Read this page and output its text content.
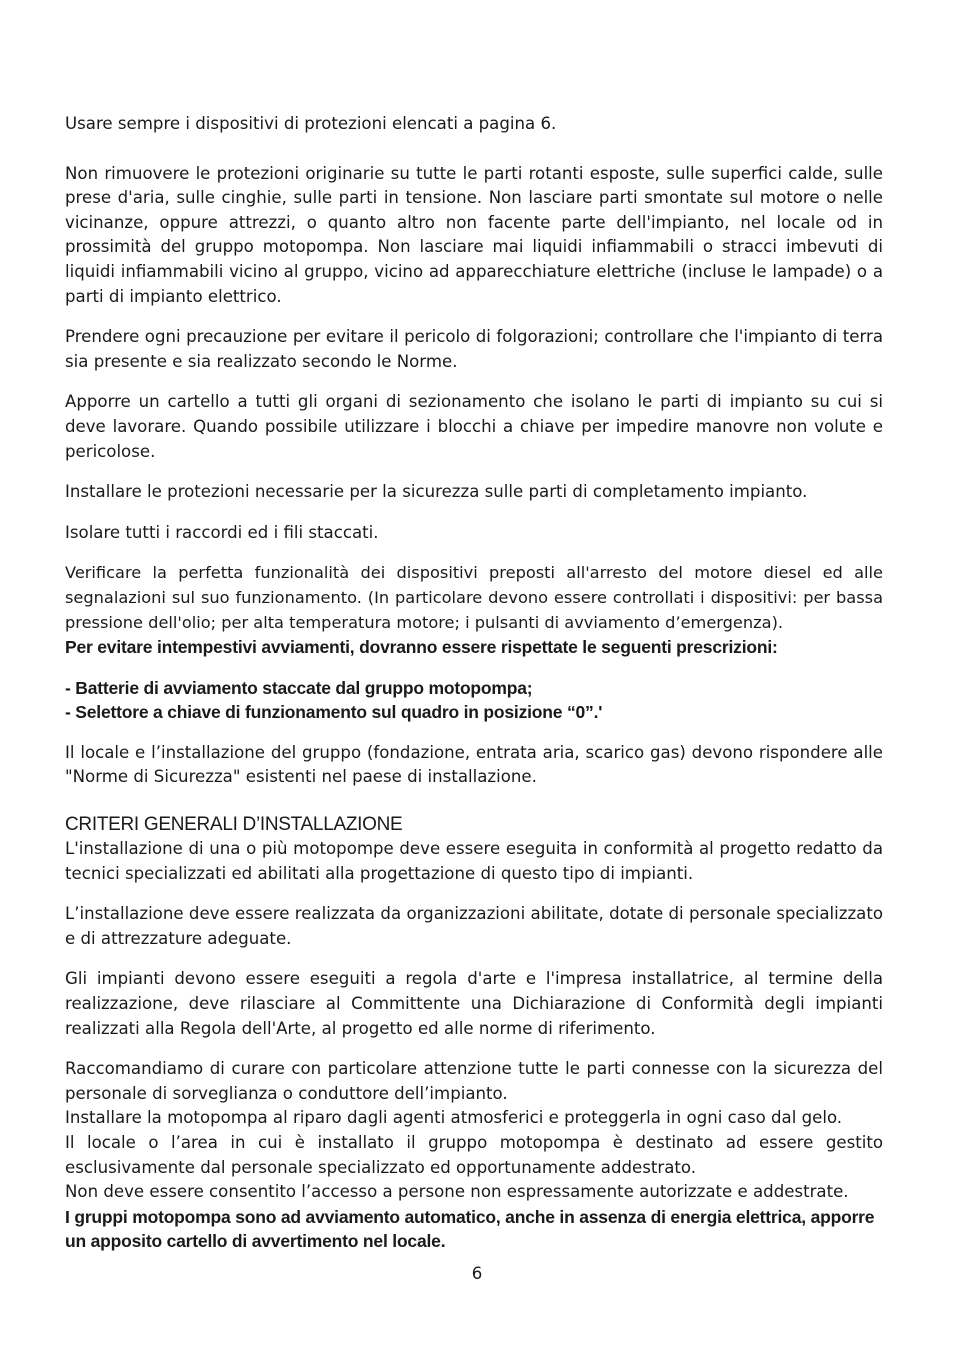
Usare sempre i dispositivi di protezioni elencati a pagina 6.

Non rimuovere le protezioni originarie su tutte le parti rotanti esposte, sulle superfici calde, sulle prese d'aria, sulle cinghie, sulle parti in tensione. Non lasciare parti smontate sul motore o nelle vicinanze, oppure attrezzi, o quanto altro non facente parte dell'impianto, nel locale od in prossimità del gruppo motopompa. Non lasciare mai liquidi infiammabili o stracci imbevuti di liquidi infiammabili vicino al gruppo, vicino ad apparecchiature elettriche (incluse le lampade) o a parti di impianto elettrico.

Prendere ogni precauzione per evitare il pericolo di folgorazioni; controllare che l'impianto di terra sia presente e sia realizzato secondo le Norme.

Apporre un cartello a tutti gli organi di sezionamento che isolano le parti di impianto su cui si deve lavorare. Quando possibile utilizzare i blocchi a chiave per impedire manovre non volute e pericolose.

Installare le protezioni necessarie per la sicurezza sulle parti di completamento impianto.

Isolare tutti i raccordi ed i fili staccati.

Verificare la perfetta funzionalità dei dispositivi preposti all'arresto del motore diesel ed alle segnalazioni sul suo funzionamento. (In particolare devono essere controllati i dispositivi: per bassa pressione dell'olio; per alta temperatura motore; i pulsanti di avviamento d’emergenza).

Per evitare intempestivi avviamenti, dovranno essere rispettate le seguenti prescrizioni:

- Batterie di avviamento staccate dal gruppo motopompa;

- Selettore a chiave di funzionamento sul quadro in posizione “0”.'

Il locale e l’installazione del gruppo (fondazione, entrata aria, scarico gas) devono rispondere alle "Norme di Sicurezza" esistenti nel paese di installazione.

CRITERI GENERALI D’INSTALLAZIONE

L'installazione di una o più motopompe deve essere eseguita in conformità al progetto redatto da tecnici specializzati ed abilitati alla progettazione di questo tipo di impianti.

L’installazione deve essere realizzata da organizzazioni abilitate, dotate di personale specializzato e di attrezzature adeguate.

Gli impianti devono essere eseguiti a regola d'arte e l'impresa installatrice, al termine della realizzazione, deve rilasciare al Committente una Dichiarazione di Conformità degli impianti realizzati alla Regola dell'Arte, al progetto ed alle norme di riferimento.

Raccomandiamo di curare con particolare attenzione tutte le parti connesse con la sicurezza del personale di sorveglianza o conduttore dell’impianto.

Installare la motopompa al riparo dagli agenti atmosferici e proteggerla in ogni caso dal gelo.

Il locale o l’area in cui è installato il gruppo motopompa è destinato ad essere gestito esclusivamente dal personale specializzato ed opportunamente addestrato.

Non deve essere consentito l’accesso a persone non espressamente autorizzate e addestrate.

I gruppi motopompa sono ad avviamento automatico, anche in assenza di energia elettrica, apporre un apposito cartello di avvertimento nel locale.

6
